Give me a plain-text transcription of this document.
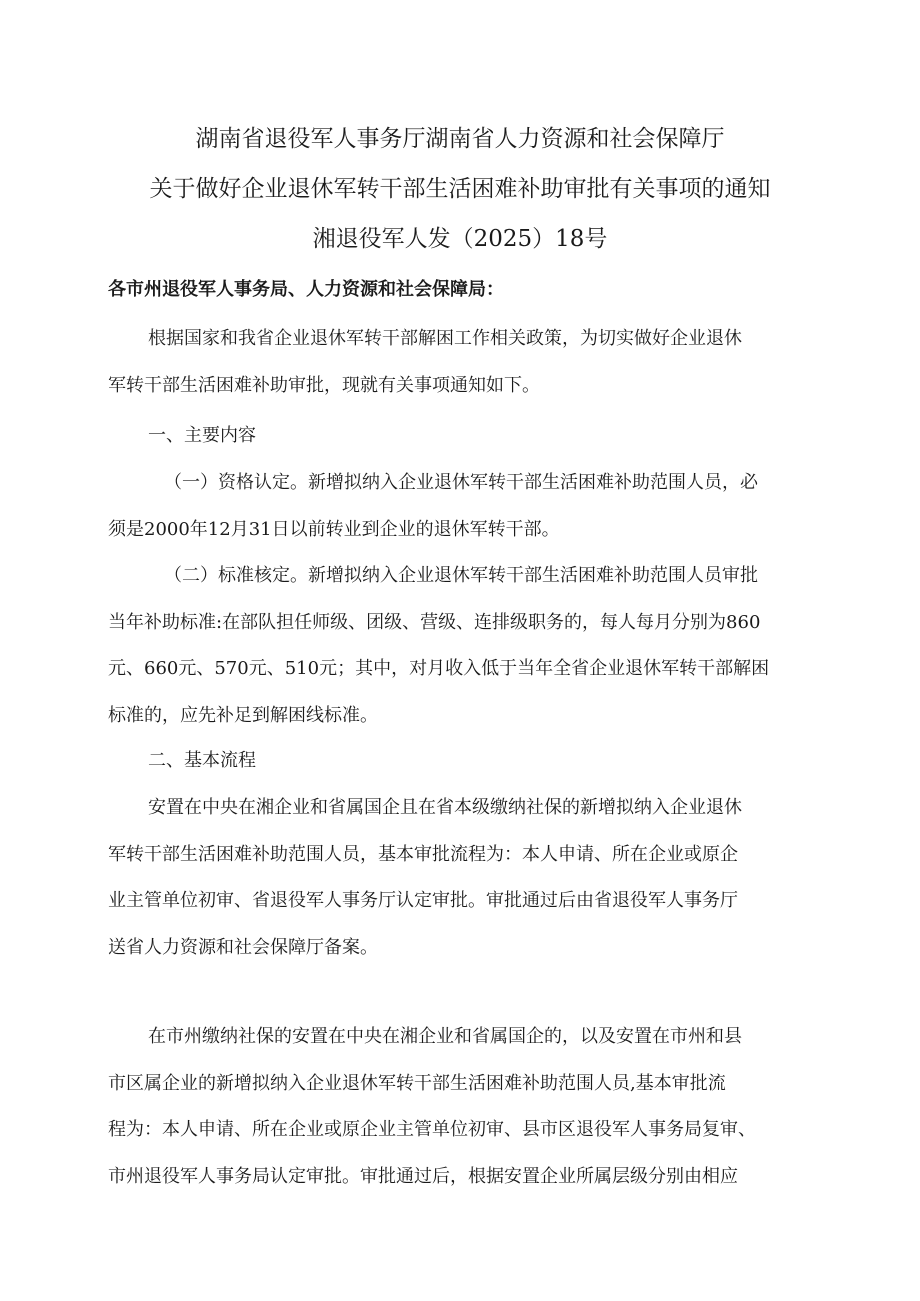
湖南省退役军人事务厅湖南省人力资源和社会保障厅
关于做好企业退休军转干部生活困难补助审批有关事项的通知
湘退役军人发（2025）18号
各市州退役军人事务局、人力资源和社会保障局：
根据国家和我省企业退休军转干部解困工作相关政策，为切实做好企业退休
军转干部生活困难补助审批，现就有关事项通知如下。
一、主要内容
（一）资格认定。新增拟纳入企业退休军转干部生活困难补助范围人员，必
须是2000年12月31日以前转业到企业的退休军转干部。
（二）标准核定。新增拟纳入企业退休军转干部生活困难补助范围人员审批
当年补助标准:在部队担任师级、团级、营级、连排级职务的，每人每月分别为860
元、660元、570元、510元；其中，对月收入低于当年全省企业退休军转干部解困
标准的，应先补足到解困线标准。
二、基本流程
安置在中央在湘企业和省属国企且在省本级缴纳社保的新增拟纳入企业退休
军转干部生活困难补助范围人员，基本审批流程为：本人申请、所在企业或原企
业主管单位初审、省退役军人事务厅认定审批。审批通过后由省退役军人事务厅
送省人力资源和社会保障厅备案。
在市州缴纳社保的安置在中央在湘企业和省属国企的，以及安置在市州和县
市区属企业的新增拟纳入企业退休军转干部生活困难补助范围人员,基本审批流
程为：本人申请、所在企业或原企业主管单位初审、县市区退役军人事务局复审、
市州退役军人事务局认定审批。审批通过后，根据安置企业所属层级分别由相应
